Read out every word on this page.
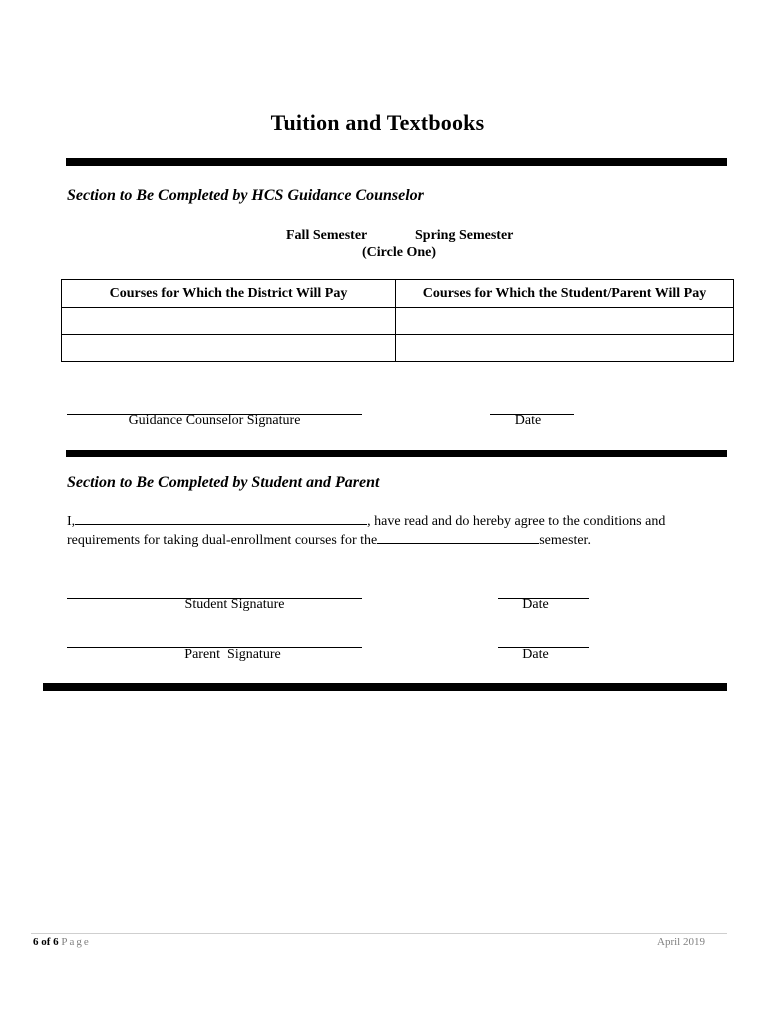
Tuition and Textbooks
Section to Be Completed by HCS Guidance Counselor
Fall Semester	Spring Semester
(Circle One)
Courses for Which the District Will Pay	Courses for Which the Student/Parent Will Pay

Guidance Counselor Signature	Date
Section to Be Completed by Student and Parent
I,	, have read and do hereby agree to the conditions and
requirements for taking dual-enrollment courses for the	semester.
Student Signature	Date
Parent  Signature	Date
6 of 6 Page	April 2019
